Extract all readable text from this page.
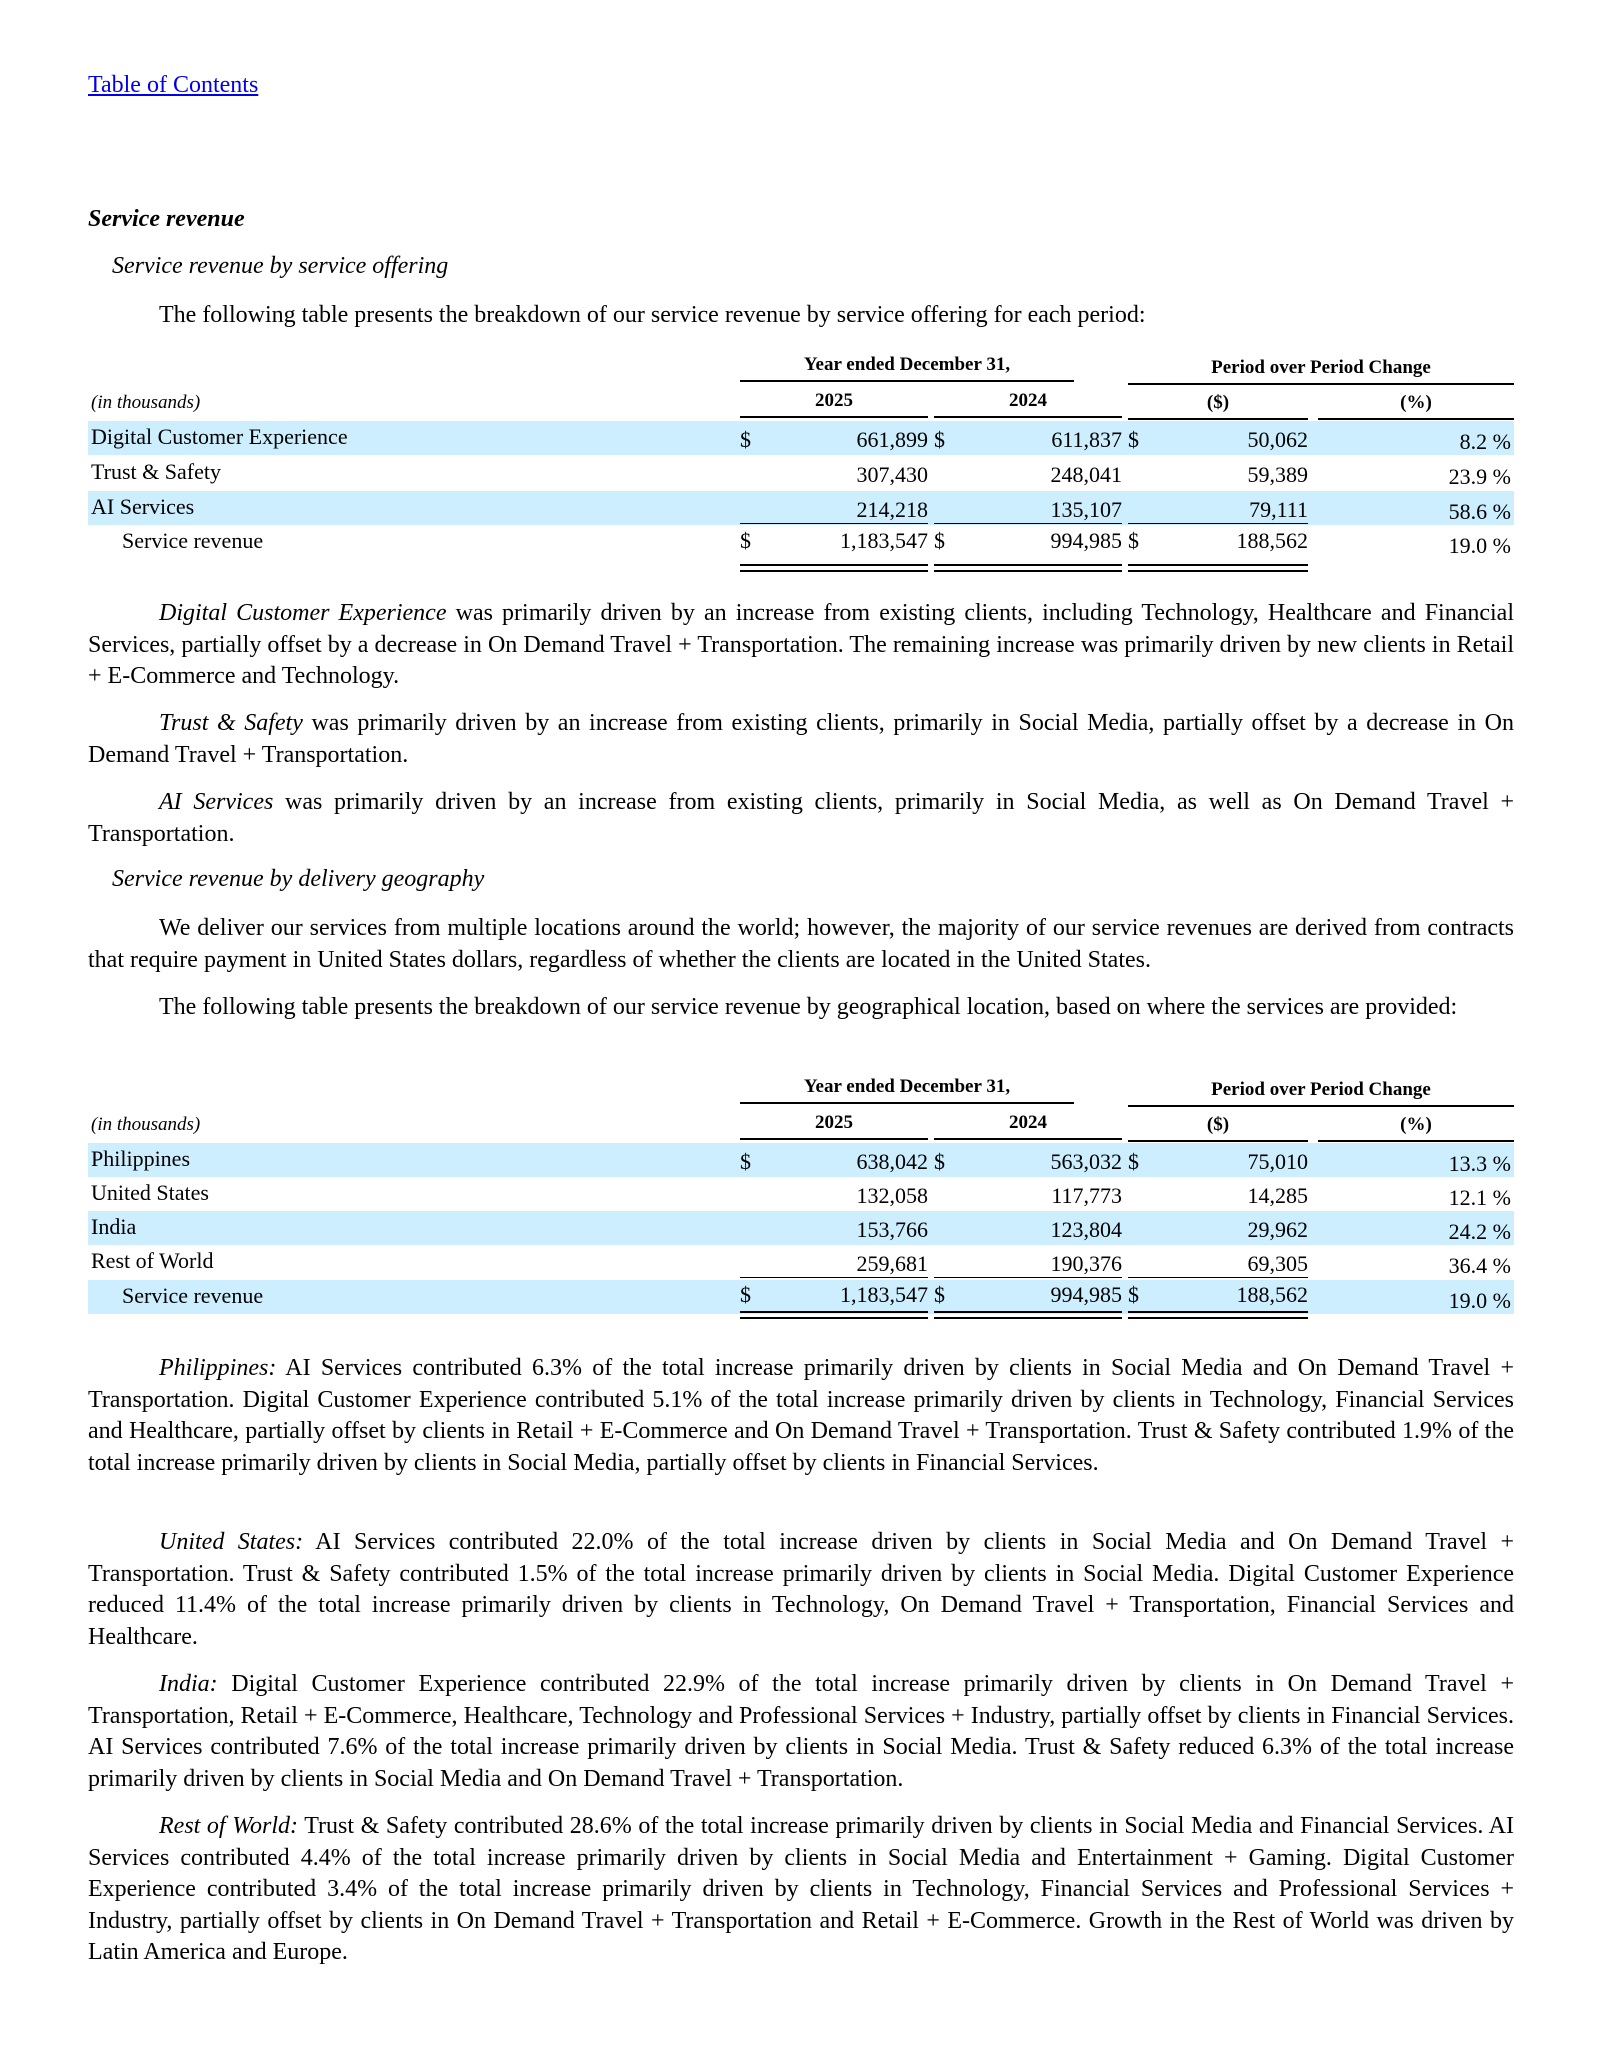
Table of Contents
Service revenue
Service revenue by service offering

The following table presents the breakdown of our service revenue by service offering for each period:

Year ended December 31,	Period over Period Change
(in thousands)	2025	2024	($)	(%)
Digital Customer Experience	$	661,899 $	611,837 $	50,062	8.2 %
Trust & Safety	307,430	248,041	59,389	23.9 %
AI Services	214,218	135,107	79,111	58.6 %
Service revenue	$	1,183,547 $	994,985 $	188,562	19.0 %

Digital Customer Experience was primarily driven by an increase from existing clients, including Technology, Healthcare and Financial Services, partially offset by a decrease in On Demand Travel + Transportation. The remaining increase was primarily driven by new clients in Retail + E-Commerce and Technology.

Trust & Safety was primarily driven by an increase from existing clients, primarily in Social Media, partially offset by a decrease in On Demand Travel + Transportation.

AI Services was primarily driven by an increase from existing clients, primarily in Social Media, as well as On Demand Travel + Transportation.

Service revenue by delivery geography

We deliver our services from multiple locations around the world; however, the majority of our service revenues are derived from contracts that require payment in United States dollars, regardless of whether the clients are located in the United States.

The following table presents the breakdown of our service revenue by geographical location, based on where the services are provided:

Year ended December 31,	Period over Period Change
(in thousands)	2025	2024	($)	(%)
Philippines	$	638,042 $	563,032 $	75,010	13.3 %
United States	132,058	117,773	14,285	12.1 %
India	153,766	123,804	29,962	24.2 %
Rest of World	259,681	190,376	69,305	36.4 %
Service revenue	$	1,183,547 $	994,985 $	188,562	19.0 %

Philippines: AI Services contributed 6.3% of the total increase primarily driven by clients in Social Media and On Demand Travel + Transportation. Digital Customer Experience contributed 5.1% of the total increase primarily driven by clients in Technology, Financial Services and Healthcare, partially offset by clients in Retail + E-Commerce and On Demand Travel + Transportation. Trust & Safety contributed 1.9% of the total increase primarily driven by clients in Social Media, partially offset by clients in Financial Services.

United States: AI Services contributed 22.0% of the total increase driven by clients in Social Media and On Demand Travel + Transportation. Trust & Safety contributed 1.5% of the total increase primarily driven by clients in Social Media. Digital Customer Experience reduced 11.4% of the total increase primarily driven by clients in Technology, On Demand Travel + Transportation, Financial Services and Healthcare.

India: Digital Customer Experience contributed 22.9% of the total increase primarily driven by clients in On Demand Travel + Transportation, Retail + E-Commerce, Healthcare, Technology and Professional Services + Industry, partially offset by clients in Financial Services. AI Services contributed 7.6% of the total increase primarily driven by clients in Social Media. Trust & Safety reduced 6.3% of the total increase primarily driven by clients in Social Media and On Demand Travel + Transportation.

Rest of World: Trust & Safety contributed 28.6% of the total increase primarily driven by clients in Social Media and Financial Services. AI Services contributed 4.4% of the total increase primarily driven by clients in Social Media and Entertainment + Gaming. Digital Customer Experience contributed 3.4% of the total increase primarily driven by clients in Technology, Financial Services and Professional Services + Industry, partially offset by clients in On Demand Travel + Transportation and Retail + E-Commerce. Growth in the Rest of World was driven by Latin America and Europe.
